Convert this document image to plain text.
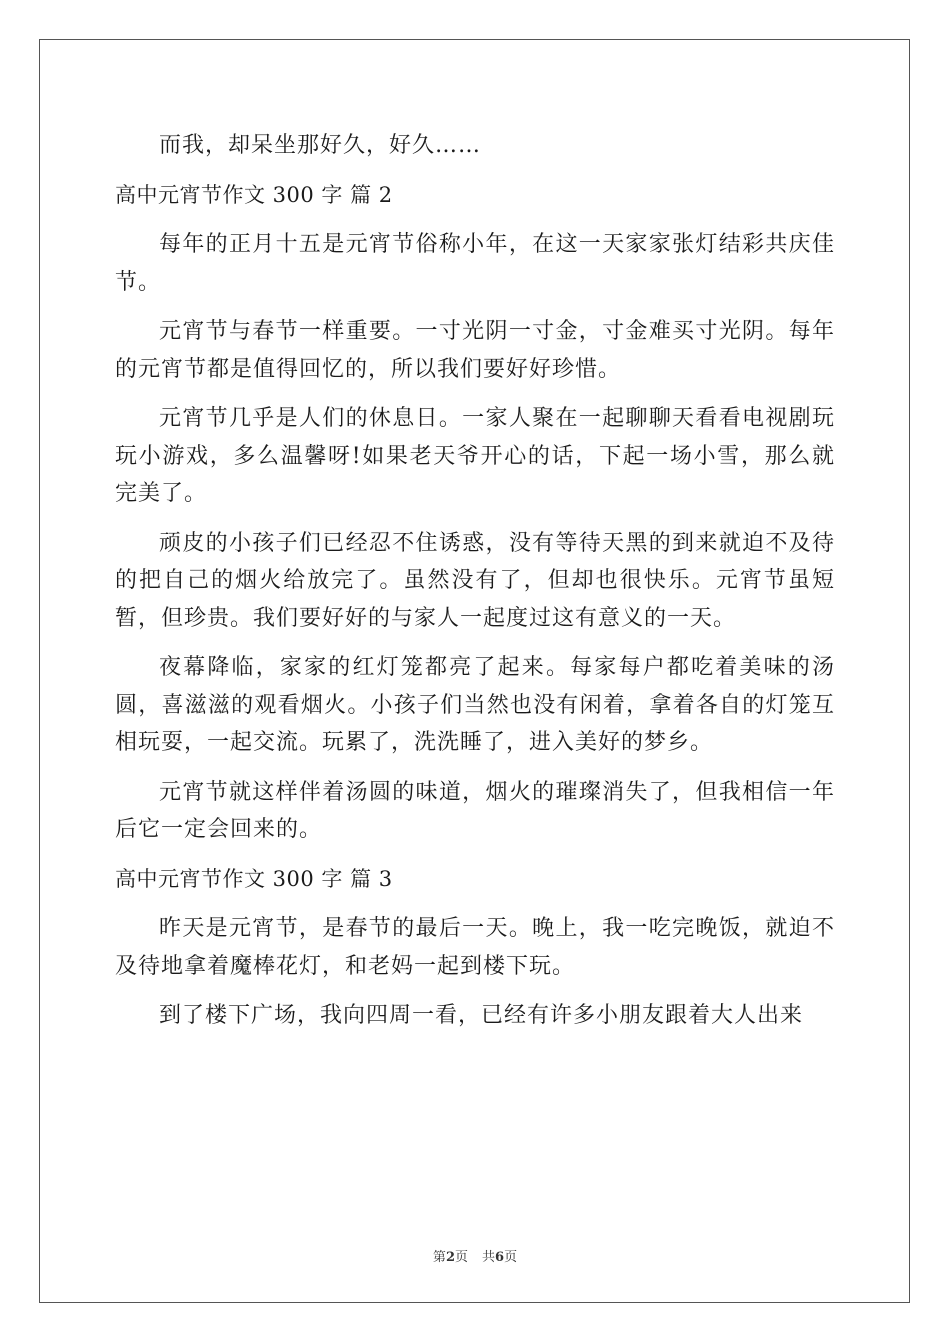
而我，却呆坐那好久，好久……

高中元宵节作文 300 字 篇 2

每年的正月十五是元宵节俗称小年，在这一天家家张灯结彩共庆佳节。

元宵节与春节一样重要。一寸光阴一寸金，寸金难买寸光阴。每年的元宵节都是值得回忆的，所以我们要好好珍惜。

元宵节几乎是人们的休息日。一家人聚在一起聊聊天看看电视剧玩玩小游戏，多么温馨呀!如果老天爷开心的话，下起一场小雪，那么就完美了。

顽皮的小孩子们已经忍不住诱惑，没有等待天黑的到来就迫不及待的把自己的烟火给放完了。虽然没有了，但却也很快乐。元宵节虽短暂，但珍贵。我们要好好的与家人一起度过这有意义的一天。

夜幕降临，家家的红灯笼都亮了起来。每家每户都吃着美味的汤圆，喜滋滋的观看烟火。小孩子们当然也没有闲着，拿着各自的灯笼互相玩耍，一起交流。玩累了，洗洗睡了，进入美好的梦乡。

元宵节就这样伴着汤圆的味道，烟火的璀璨消失了，但我相信一年后它一定会回来的。

高中元宵节作文 300 字 篇 3

昨天是元宵节，是春节的最后一天。晚上，我一吃完晚饭，就迫不及待地拿着魔棒花灯，和老妈一起到楼下玩。

到了楼下广场，我向四周一看，已经有许多小朋友跟着大人出来

第2页 共6页
